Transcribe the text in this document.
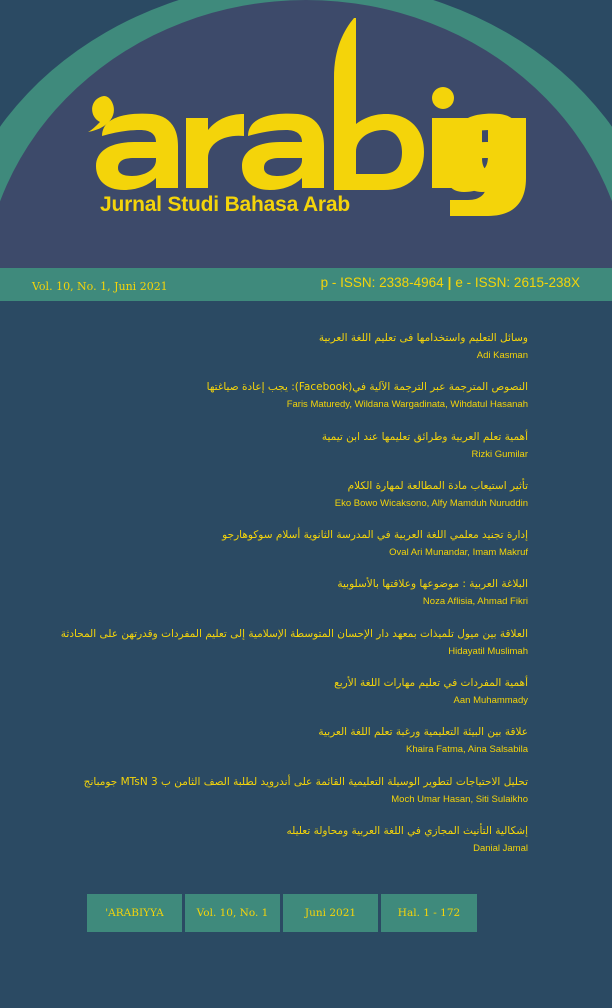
Jurnal Studi Bahasa Arab
Vol. 10, No. 1, Juni 2021	p - ISSN: 2338-4964 | e - ISSN: 2615-238X
وسائل التعليم واستخدامها فى تعليم اللغة العربية
Adi Kasman
النصوص المترجمة عبر الترجمة الآلية في(Facebook): يجب إعادة صياغتها
Faris Maturedy, Wildana Wargadinata, Wihdatul Hasanah
أهمية تعلم العربية وطرائق تعليمها عند ابن تيمية
Rizki Gumilar
تأثير استيعاب مادة المطالعة لمهارة الكلام
Eko Bowo Wicaksono, Alfy Mamduh Nuruddin
إدارة تجنيد معلمي اللغة العربية في المدرسة الثانوية أسلام سوكوهارجو
Oval Ari Munandar, Imam Makruf
البلاغة العربية : موضوعها وعلاقتها بالأسلوبية
Noza Aflisia, Ahmad Fikri
العلاقة بين ميول تلميذات بمعهد دار الإحسان المتوسطة الإسلامية إلى تعليم المفردات وقدرتهن على المحادثة
Hidayatil Muslimah
أهمية المفردات في تعليم مهارات اللغة الأربع
Aan Muhammady
علاقة بين البيئة التعليمية ورغبة تعلم اللغة العربية
Khaira Fatma, Aina Salsabila
تحليل الاحتياجات لتطوير الوسيلة التعليمية القائمة على أندرويد لطلبة الصف الثامن ب MTsN 3 جومبانج
Moch Umar Hasan, Siti Sulaikho
إشكالية التأنيث المجازي في اللغة العربية ومحاولة تعليله
Danial Jamal
'ARABIYYA	Vol. 10, No. 1	Juni 2021	Hal. 1 - 172
